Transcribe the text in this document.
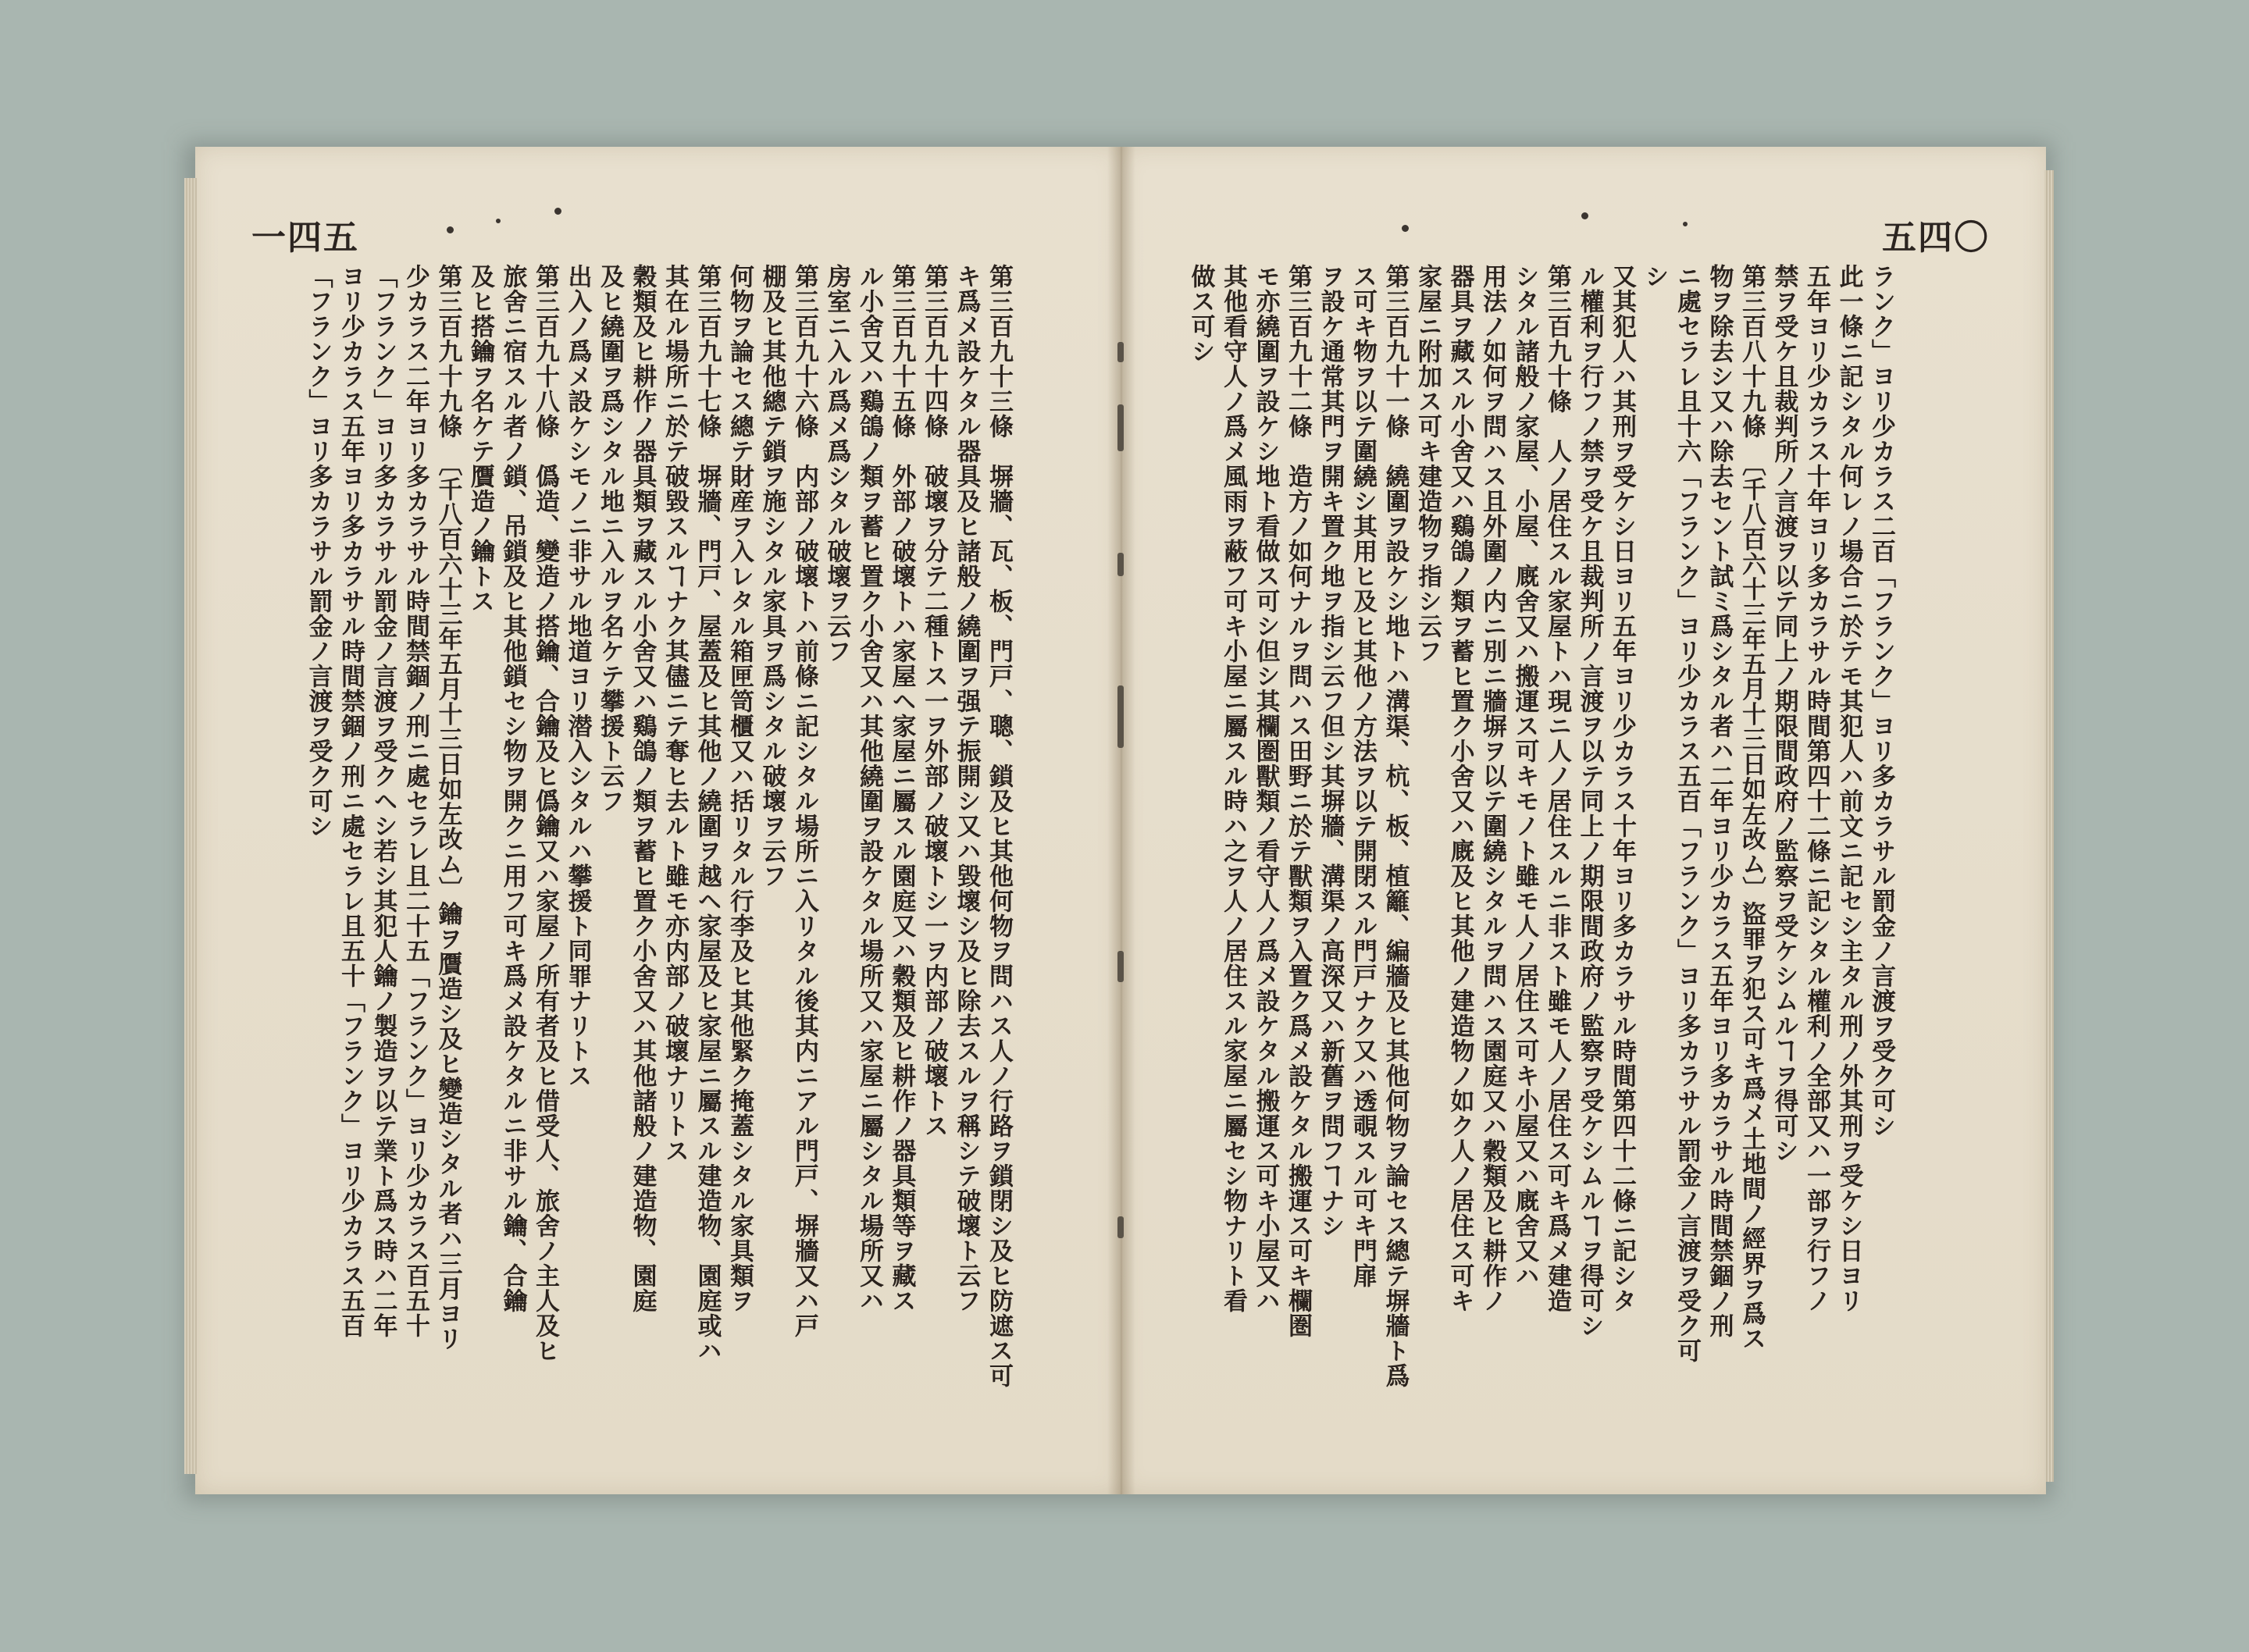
一四五	五四〇
第三百九十三條　塀牆、瓦、板、門戸、聰、鎖及ヒ其他何物ヲ問ハス人ノ行路ヲ鎖閉シ及ヒ防遮ス可
キ爲メ設ケタル器具及ヒ諸般ノ繞圍ヲ强テ振開シ又ハ毀壞シ及ヒ除去スルヲ稱シテ破壞ト云フ
第三百九十四條　破壞ヲ分テ二種トス一ヲ外部ノ破壞トシ一ヲ内部ノ破壞トス
第三百九十五條　外部ノ破壞トハ家屋ヘ家屋ニ屬スル園庭又ハ穀類及ヒ耕作ノ器具類等ヲ藏ス
ル小舍又ハ鷄鴿ノ類ヲ蓄ヒ置ク小舍又ハ其他繞圍ヲ設ケタル場所又ハ家屋ニ屬シタル場所又ハ
房室ニ入ル爲メ爲シタル破壞ヲ云フ
第三百九十六條　内部ノ破壞トハ前條ニ記シタル場所ニ入リタル後其内ニアル門戸、塀牆又ハ戸
棚及ヒ其他總テ鎖ヲ施シタル家具ヲ爲シタル破壞ヲ云フ
何物ヲ論セス總テ財産ヲ入レタル箱匣笥櫃又ハ括リタル行李及ヒ其他緊ク掩蓋シタル家具類ヲ
第三百九十七條　塀牆、門戸、屋蓋及ヒ其他ノ繞圍ヲ越ヘ家屋及ヒ家屋ニ屬スル建造物、園庭或ハ
其在ル場所ニ於テ破毀スルヿナク其儘ニテ奪ヒ去ルト雖モ亦内部ノ破壞ナリトス
穀類及ヒ耕作ノ器具類ヲ藏スル小舍又ハ鷄鴿ノ類ヲ蓄ヒ置ク小舍又ハ其他諸般ノ建造物、園庭
及ヒ繞圍ヲ爲シタル地ニ入ルヲ名ケテ攀援ト云フ
出入ノ爲メ設ケシモノニ非サル地道ヨリ潜入シタルハ攀援ト同罪ナリトス
第三百九十八條　僞造、變造ノ搭鑰、合鑰及ヒ僞鑰又ハ家屋ノ所有者及ヒ借受人、旅舍ノ主人及ヒ
旅舍ニ宿スル者ノ鎖、吊鎖及ヒ其他鎖セシ物ヲ開クニ用フ可キ爲メ設ケタルニ非サル鑰、合鑰
及ヒ搭鑰ヲ名ケテ贋造ノ鑰トス
第三百九十九條　〔千八百六十三年五月十三日如左改ム〕鑰ヲ贋造シ及ヒ變造シタル者ハ三月ヨリ
少カラス二年ヨリ多カラサル時間禁錮ノ刑ニ處セラレ且二十五「フランク」ヨリ少カラス百五十
「フランク」ヨリ多カラサル罰金ノ言渡ヲ受クヘシ若シ其犯人鑰ノ製造ヲ以テ業ト爲ス時ハ二年
ヨリ少カラス五年ヨリ多カラサル時間禁錮ノ刑ニ處セラレ且五十「フランク」ヨリ少カラス五百
「フランク」ヨリ多カラサル罰金ノ言渡ヲ受ク可シ	ランク」ヨリ少カラス二百「フランク」ヨリ多カラサル罰金ノ言渡ヲ受ク可シ
此一條ニ記シタル何レノ場合ニ於テモ其犯人ハ前文ニ記セシ主タル刑ノ外其刑ヲ受ケシ日ヨリ
五年ヨリ少カラス十年ヨリ多カラサル時間第四十二條ニ記シタル權利ノ全部又ハ一部ヲ行フノ
禁ヲ受ケ且裁判所ノ言渡ヲ以テ同上ノ期限間政府ノ監察ヲ受ケシムルヿヲ得可シ
第三百八十九條　〔千八百六十三年五月十三日如左改ム〕盜罪ヲ犯ス可キ爲メ土地間ノ經界ヲ爲ス
物ヲ除去シ又ハ除去セント試ミ爲シタル者ハ二年ヨリ少カラス五年ヨリ多カラサル時間禁錮ノ刑
ニ處セラレ且十六「フランク」ヨリ少カラス五百「フランク」ヨリ多カラサル罰金ノ言渡ヲ受ク可
シ
又其犯人ハ其刑ヲ受ケシ日ヨリ五年ヨリ少カラス十年ヨリ多カラサル時間第四十二條ニ記シタ
ル權利ヲ行フノ禁ヲ受ケ且裁判所ノ言渡ヲ以テ同上ノ期限間政府ノ監察ヲ受ケシムルヿヲ得可シ
第三百九十條　人ノ居住スル家屋トハ現ニ人ノ居住スルニ非スト雖モ人ノ居住ス可キ爲メ建造
シタル諸般ノ家屋、小屋、廐舍又ハ搬運ス可キモノト雖モ人ノ居住ス可キ小屋又ハ廐舍又ハ
用法ノ如何ヲ問ハス且外圍ノ内ニ別ニ牆塀ヲ以テ圍繞シタルヲ問ハス園庭又ハ穀類及ヒ耕作ノ
器具ヲ藏スル小舍又ハ鷄鴿ノ類ヲ蓄ヒ置ク小舍又ハ廐及ヒ其他ノ建造物ノ如ク人ノ居住ス可キ
家屋ニ附加ス可キ建造物ヲ指シ云フ
第三百九十一條　繞圍ヲ設ケシ地トハ溝渠、杭、板、植籬、編牆及ヒ其他何物ヲ論セス總テ塀牆ト爲
ス可キ物ヲ以テ圍繞シ其用ヒ及ヒ其他ノ方法ヲ以テ開閉スル門戸ナク又ハ透覗スル可キ門扉
ヲ設ケ通常其門ヲ開キ置ク地ヲ指シ云フ但シ其塀牆、溝渠ノ高深又ハ新舊ヲ問フヿナシ
第三百九十二條　造方ノ如何ナルヲ問ハス田野ニ於テ獸類ヲ入置ク爲メ設ケタル搬運ス可キ欄圏
モ亦繞圍ヲ設ケシ地ト看做ス可シ但シ其欄圏獸類ノ看守人ノ爲メ設ケタル搬運ス可キ小屋又ハ
其他看守人ノ爲メ風雨ヲ蔽フ可キ小屋ニ屬スル時ハ之ヲ人ノ居住スル家屋ニ屬セシ物ナリト看
做ス可シ
